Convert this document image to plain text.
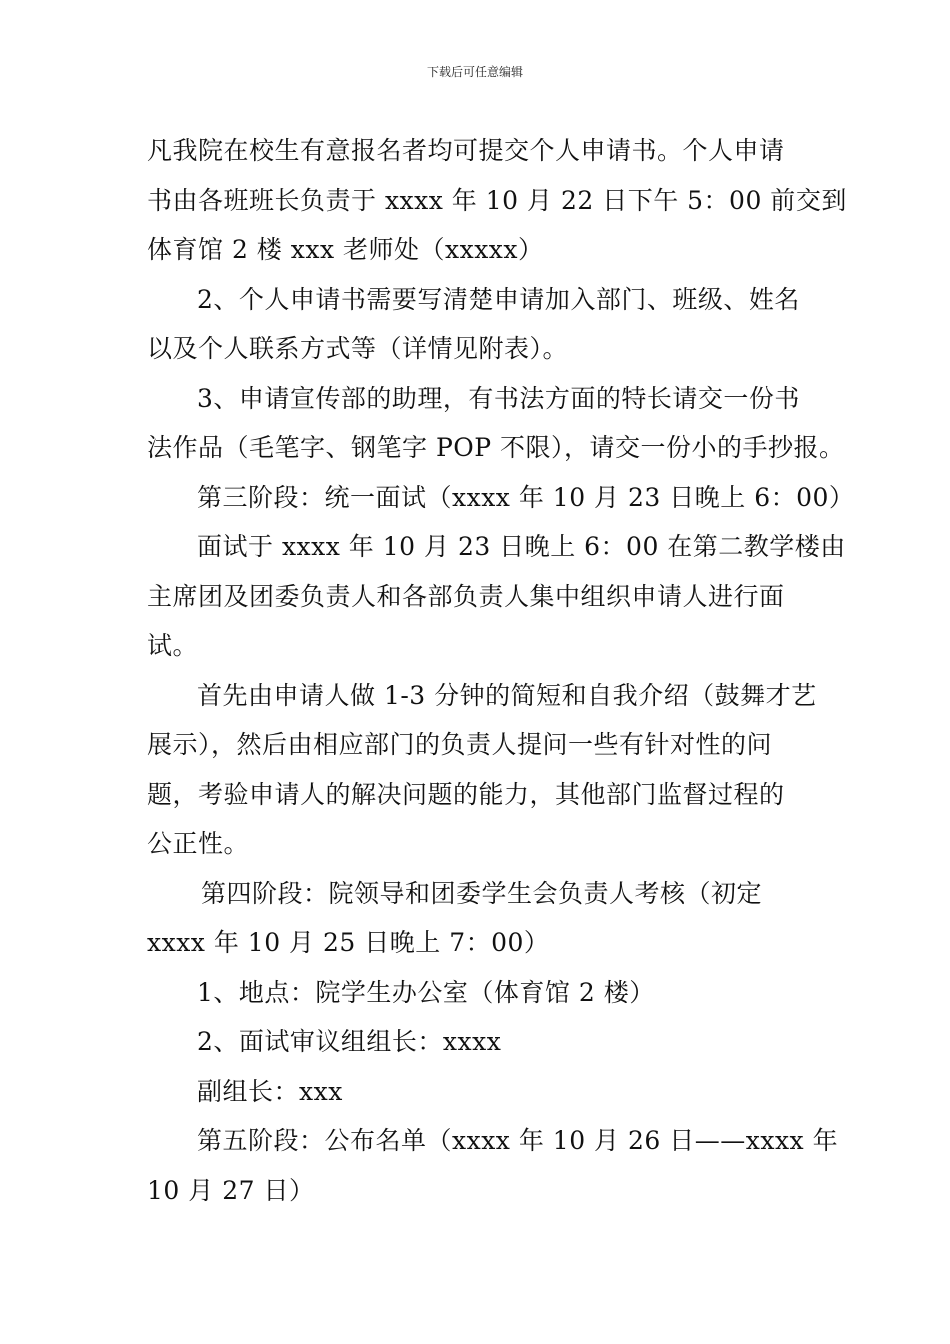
下载后可任意编辑
凡我院在校生有意报名者均可提交个人申请书。个人申请
书由各班班长负责于 xxxx 年 10 月 22 日下午 5：00 前交到
体育馆 2 楼 xxx 老师处（xxxxx）
2、个人申请书需要写清楚申请加入部门、班级、姓名
以及个人联系方式等（详情见附表）。
3、申请宣传部的助理，有书法方面的特长请交一份书
法作品（毛笔字、钢笔字 POP 不限），请交一份小的手抄报。
第三阶段：统一面试（xxxx 年 10 月 23 日晚上 6：00）
面试于 xxxx 年 10 月 23 日晚上 6：00 在第二教学楼由
主席团及团委负责人和各部负责人集中组织申请人进行面
试。
首先由申请人做 1-3 分钟的简短和自我介绍（鼓舞才艺
展示），然后由相应部门的负责人提问一些有针对性的问
题，考验申请人的解决问题的能力，其他部门监督过程的
公正性。
第四阶段：院领导和团委学生会负责人考核（初定
xxxx 年 10 月 25 日晚上 7：00）
1、地点：院学生办公室（体育馆 2 楼）
2、面试审议组组长：xxxx
副组长：xxx
第五阶段：公布名单（xxxx 年 10 月 26 日——xxxx 年
10 月 27 日）
